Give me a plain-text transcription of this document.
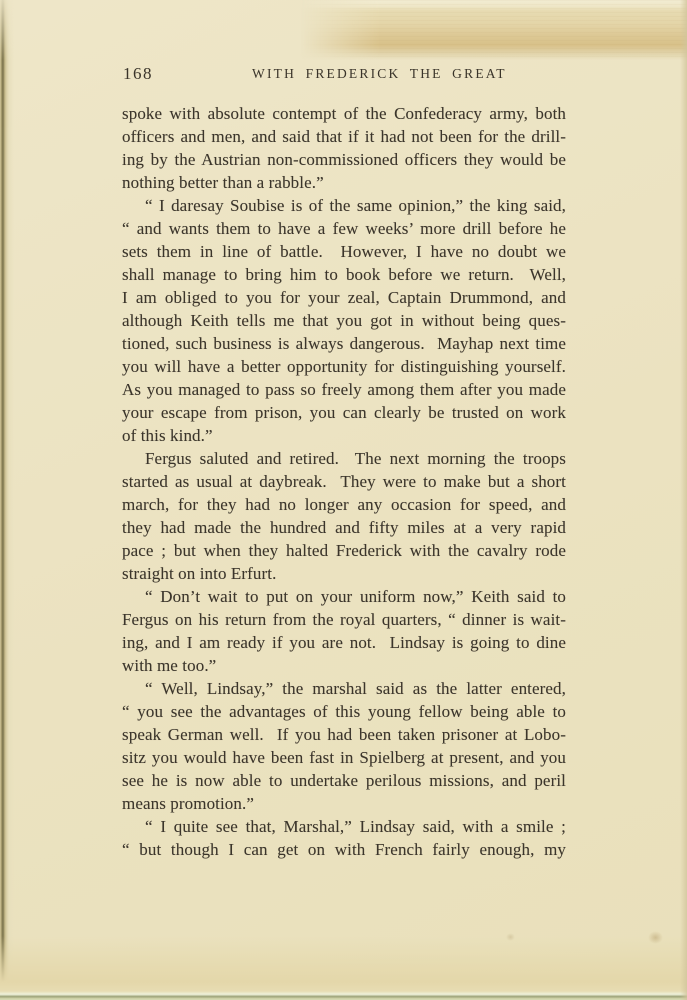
168	WITH FREDERICK THE GREAT
spoke with absolute contempt of the Confederacy army, both
officers and men, and said that if it had not been for the drill-
ing by the Austrian non-commissioned officers they would be
nothing better than a rabble.”
“ I daresay Soubise is of the same opinion,” the king said,
“ and wants them to have a few weeks’ more drill before he
sets them in line of battle.  However, I have no doubt we
shall manage to bring him to book before we return.  Well,
I am obliged to you for your zeal, Captain Drummond, and
although Keith tells me that you got in without being ques-
tioned, such business is always dangerous.  Mayhap next time
you will have a better opportunity for distinguishing yourself.
As you managed to pass so freely among them after you made
your escape from prison, you can clearly be trusted on work
of this kind.”
Fergus saluted and retired.  The next morning the troops
started as usual at daybreak.  They were to make but a short
march, for they had no longer any occasion for speed, and
they had made the hundred and fifty miles at a very rapid
pace ; but when they halted Frederick with the cavalry rode
straight on into Erfurt.
“ Don’t wait to put on your uniform now,” Keith said to
Fergus on his return from the royal quarters, “ dinner is wait-
ing, and I am ready if you are not.  Lindsay is going to dine
with me too.”
“ Well, Lindsay,” the marshal said as the latter entered,
“ you see the advantages of this young fellow being able to
speak German well.  If you had been taken prisoner at Lobo-
sitz you would have been fast in Spielberg at present, and you
see he is now able to undertake perilous missions, and peril
means promotion.”
“ I quite see that, Marshal,” Lindsay said, with a smile ;
“ but though I can get on with French fairly enough, my
